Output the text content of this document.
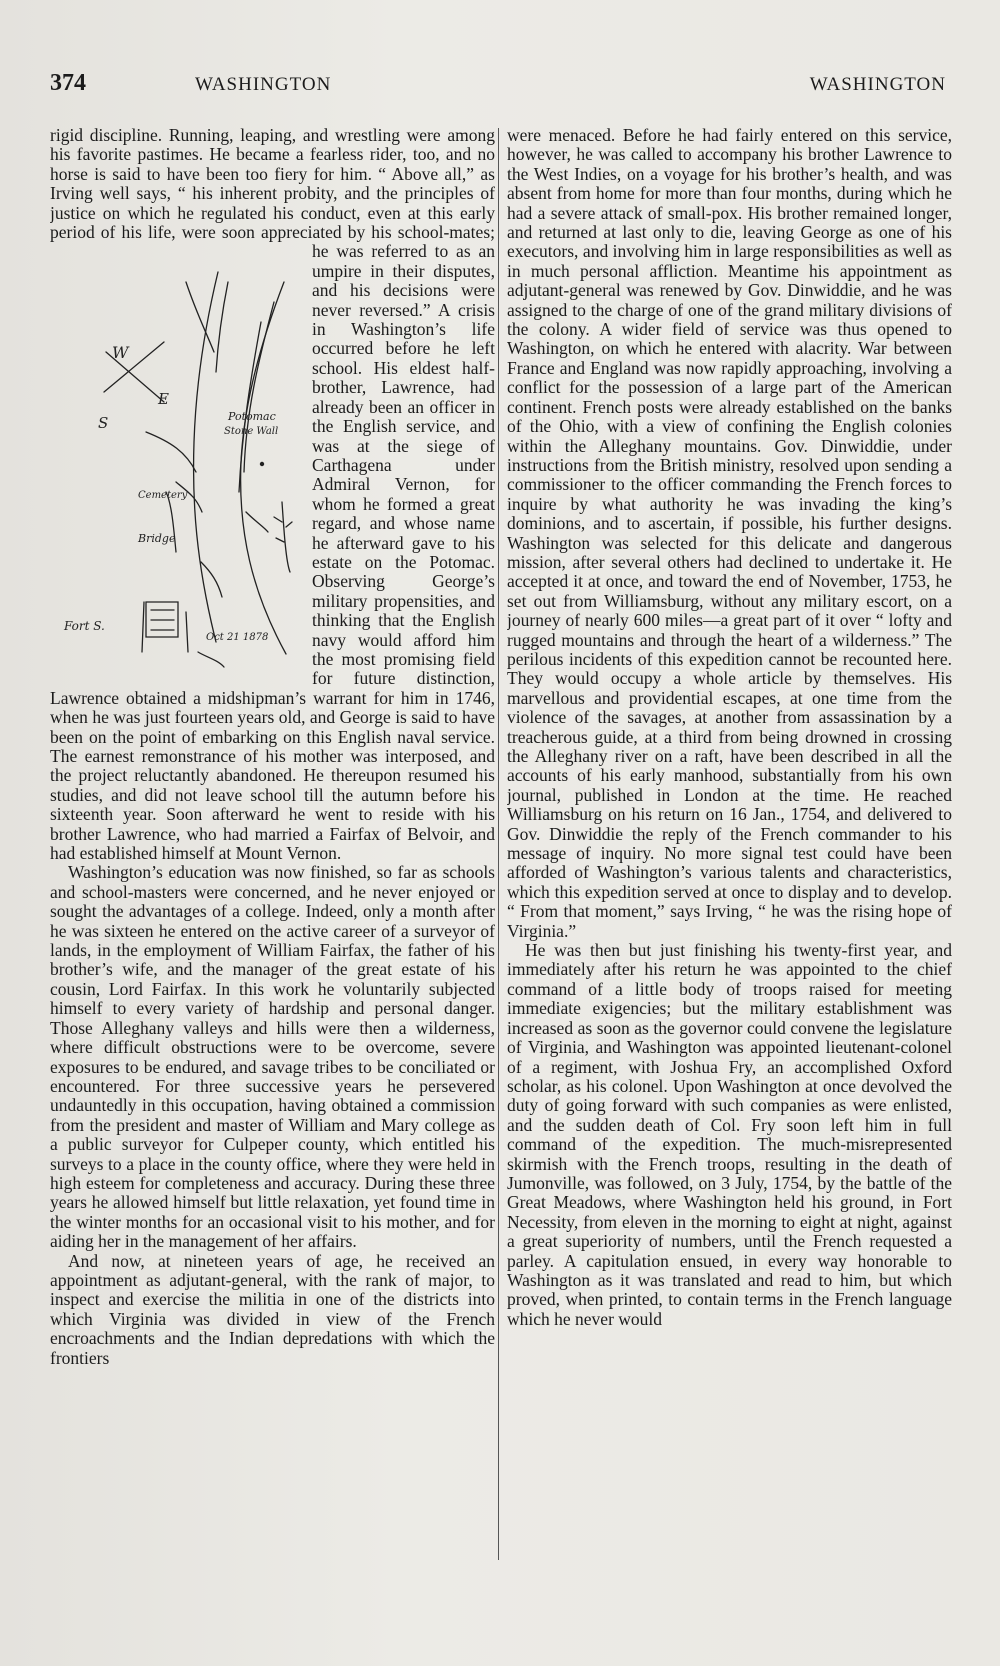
374	WASHINGTON	WASHINGTON

rigid discipline. Running, leaping, and wrestling were among his favorite pastimes. He became a fearless rider, too, and no horse is said to have been too fiery for him. “ Above all,” as Irving well says, “ his inherent probity, and the principles of justice on which he regulated his conduct, even at this early period of his life, were soon appreciated by
W
E
S	Potomac
Stone Wall
Cemetery
Bridge
Fort S.
Oct 21 1878
his school-mates; he was referred to as an umpire in their disputes, and his decisions were never reversed.” A crisis in Washington’s life occurred before he left school. His eldest half-brother, Lawrence, had already been an officer in the English service, and was at the siege of Carthagena under Admiral Vernon, for whom he formed a great regard, and whose name he afterward gave to his estate on the Potomac. Observing George’s military propensities, and thinking that the English navy would afford him the most promising field for future distinction, Lawrence obtained a midshipman’s warrant for him in 1746, when he was just fourteen years old, and George is said to have been on the point of embarking on this English naval service. The earnest remonstrance of his mother was interposed, and the project reluctantly abandoned. He thereupon resumed his studies, and did not leave school till the autumn before his sixteenth year. Soon afterward he went to reside with his brother Lawrence, who had married a Fairfax of Belvoir, and had established himself at Mount Vernon.

Washington’s education was now finished, so far as schools and school-masters were concerned, and he never enjoyed or sought the advantages of a college. Indeed, only a month after he was sixteen he entered on the active career of a surveyor of lands, in the employment of William Fairfax, the father of his brother’s wife, and the manager of the great estate of his cousin, Lord Fairfax. In this work he voluntarily subjected himself to every variety of hardship and personal danger. Those Alleghany valleys and hills were then a wilderness, where difficult obstructions were to be overcome, severe exposures to be endured, and savage tribes to be conciliated or encountered. For three successive years he persevered undauntedly in this occupation, having obtained a commission from the president and master of William and Mary college as a public surveyor for Culpeper county, which entitled his surveys to a place in the county office, where they were held in high esteem for completeness and accuracy. During these three years he allowed himself but little relaxation, yet found time in the winter months for an occasional visit to his mother, and for aiding her in the management of her affairs.

And now, at nineteen years of age, he received an appointment as adjutant-general, with the rank of major, to inspect and exercise the militia in one of the districts into which Virginia was divided in view of the French encroachments and the Indian depredations with which the frontiers

were menaced. Before he had fairly entered on this service, however, he was called to accompany his brother Lawrence to the West Indies, on a voyage for his brother’s health, and was absent from home for more than four months, during which he had a severe attack of small-pox. His brother remained longer, and returned at last only to die, leaving George as one of his executors, and involving him in large responsibilities as well as in much personal affliction. Meantime his appointment as adjutant-general was renewed by Gov. Dinwiddie, and he was assigned to the charge of one of the grand military divisions of the colony. A wider field of service was thus opened to Washington, on which he entered with alacrity. War between France and England was now rapidly approaching, involving a conflict for the possession of a large part of the American continent. French posts were already established on the banks of the Ohio, with a view of confining the English colonies within the Alleghany mountains. Gov. Dinwiddie, under instructions from the British ministry, resolved upon sending a commissioner to the officer commanding the French forces to inquire by what authority he was invading the king’s dominions, and to ascertain, if possible, his further designs. Washington was selected for this delicate and dangerous mission, after several others had declined to undertake it. He accepted it at once, and toward the end of November, 1753, he set out from Williamsburg, without any military escort, on a journey of nearly 600 miles—a great part of it over “ lofty and rugged mountains and through the heart of a wilderness.” The perilous incidents of this expedition cannot be recounted here. They would occupy a whole article by themselves. His marvellous and providential escapes, at one time from the violence of the savages, at another from assassination by a treacherous guide, at a third from being drowned in crossing the Alleghany river on a raft, have been described in all the accounts of his early manhood, substantially from his own journal, published in London at the time. He reached Williamsburg on his return on 16 Jan., 1754, and delivered to Gov. Dinwiddie the reply of the French commander to his message of inquiry. No more signal test could have been afforded of Washington’s various talents and characteristics, which this expedition served at once to display and to develop. “ From that moment,” says Irving, “ he was the rising hope of Virginia.”

He was then but just finishing his twenty-first year, and immediately after his return he was appointed to the chief command of a little body of troops raised for meeting immediate exigencies; but the military establishment was increased as soon as the governor could convene the legislature of Virginia, and Washington was appointed lieutenant-colonel of a regiment, with Joshua Fry, an accomplished Oxford scholar, as his colonel. Upon Washington at once devolved the duty of going forward with such companies as were enlisted, and the sudden death of Col. Fry soon left him in full command of the expedition. The much-misrepresented skirmish with the French troops, resulting in the death of Jumonville, was followed, on 3 July, 1754, by the battle of the Great Meadows, where Washington held his ground, in Fort Necessity, from eleven in the morning to eight at night, against a great superiority of numbers, until the French requested a parley. A capitulation ensued, in every way honorable to Washington as it was translated and read to him, but which proved, when printed, to contain terms in the French language which he never would
